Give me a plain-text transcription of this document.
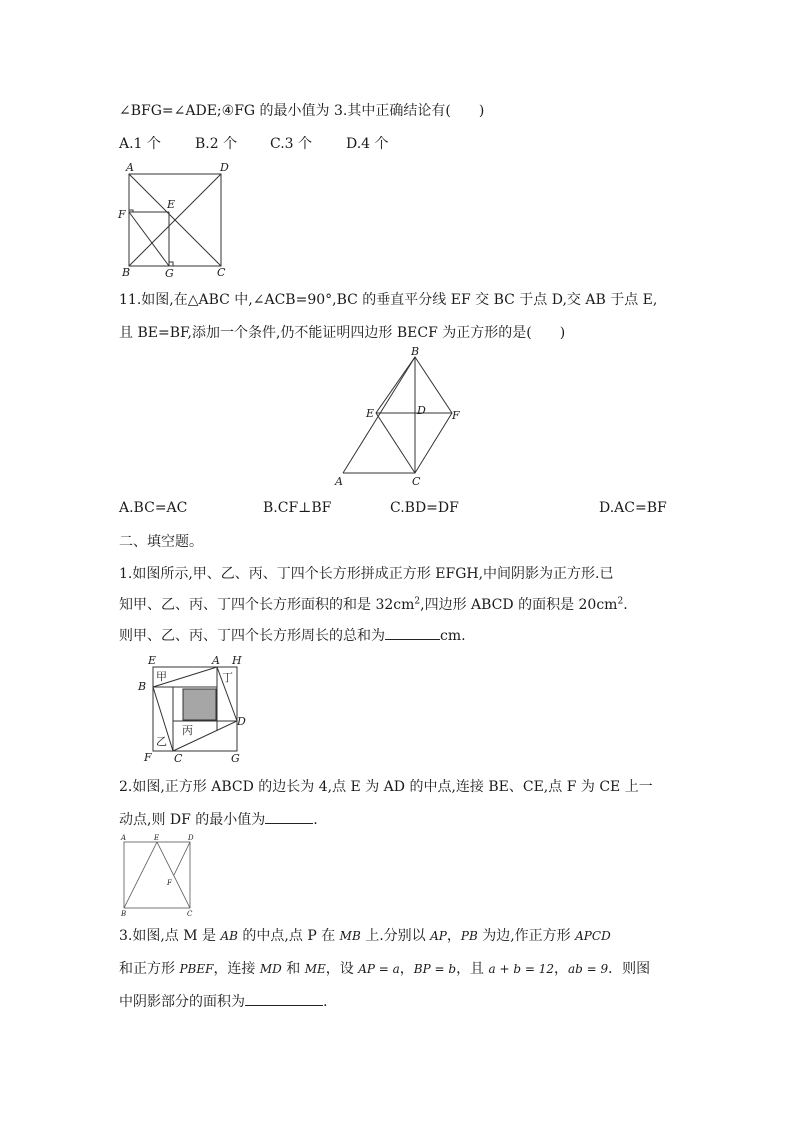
∠BFG=∠ADE;④FG 的最小值为 3.其中正确结论有(　　)
A.1 个 B.2 个 C.3 个 D.4 个
A	D
F
E
B	G	C
11.如图,在△ABC 中,∠ACB=90°,BC 的垂直平分线 EF 交 BC 于点 D,交 AB 于点 E,
且 BE=BF,添加一个条件,仍不能证明四边形 BECF 为正方形的是(　　)
B
E	D F
A	C
A.BC=AC	B.CF⊥BF	C.BD=DF	D.AC=BF
二、填空题。
1.如图所示,甲、乙、丙、丁四个长方形拼成正方形 EFGH,中间阴影为正方形.已
知甲、乙、丙、丁四个长方形面积的和是 $32cm^2$,四边形 ABCD 的面积是 $20cm^2$.
则甲、乙、丙、丁四个长方形周长的总和为	cm.
E	A H
B
D
F C	G
甲	丁
乙
丙
2.如图,正方形 ABCD 的边长为 4,点 E 为 AD 的中点,连接 BE、CE,点 F 为 CE 上一
动点,则 DF 的最小值为	.
A	E	D
F
B	C
3.如图,点 M 是 AB 的中点,点 P 在 MB 上.分别以 AP，PB 为边,作正方形 APCD
和正方形 PBEF，连接 MD 和 ME，设 AP = a，BP = b，且 a + b = 12，ab = 9．则图
中阴影部分的面积为	.
